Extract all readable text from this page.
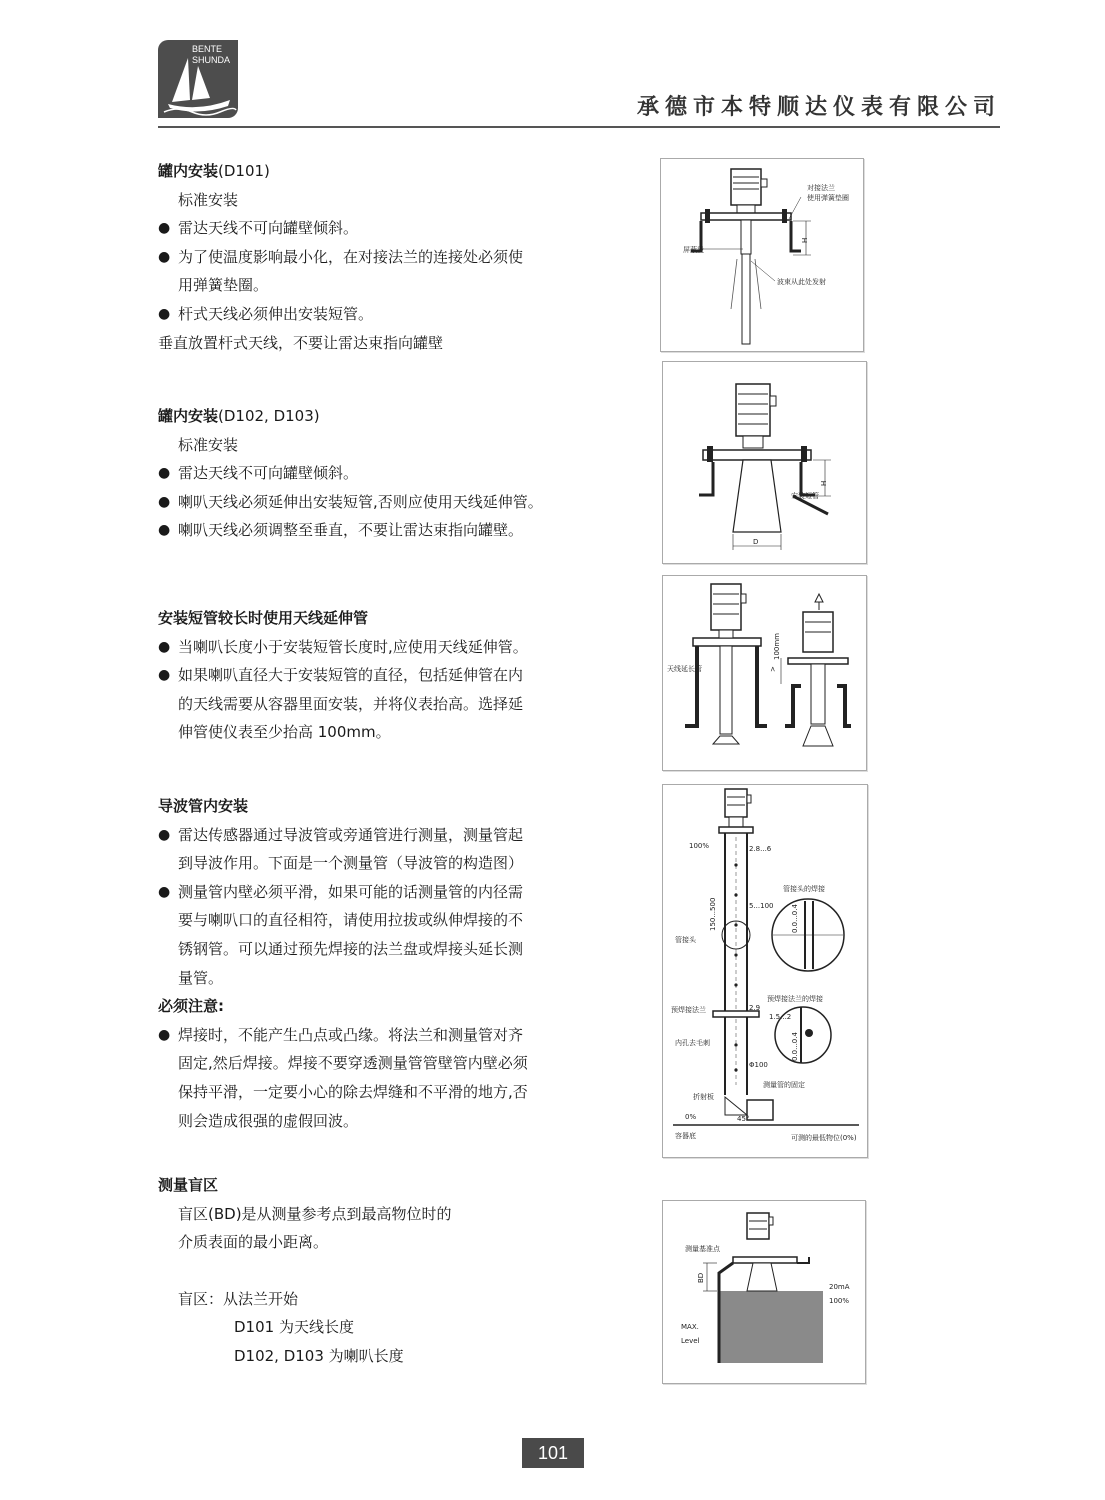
BENTE
SHUNDA
承德市本特顺达仪表有限公司
罐内安装(D101)
标准安装
● 雷达天线不可向罐壁倾斜。
● 为了使温度影响最小化，在对接法兰的连接处必须使
用弹簧垫圈。
● 杆式天线必须伸出安装短管。
垂直放置杆式天线，不要让雷达束指向罐壁
罐内安装(D102, D103)
标准安装
● 雷达天线不可向罐壁倾斜。
● 喇叭天线必须延伸出安装短管,否则应使用天线延伸管。
● 喇叭天线必须调整至垂直，不要让雷达束指向罐壁。
安装短管较长时使用天线延伸管
● 当喇叭长度小于安装短管长度时,应使用天线延伸管。
● 如果喇叭直径大于安装短管的直径，包括延伸管在内
的天线需要从容器里面安装，并将仪表抬高。选择延
伸管使仪表至少抬高 100mm。
导波管内安装
● 雷达传感器通过导波管或旁通管进行测量，测量管起
到导波作用。下面是一个测量管（导波管的构造图）
● 测量管内壁必须平滑，如果可能的话测量管的内径需
要与喇叭口的直径相符，请使用拉拔或纵伸焊接的不
锈钢管。可以通过预先焊接的法兰盘或焊接头延长测
量管。
必须注意:
● 焊接时，不能产生凸点或凸缘。将法兰和测量管对齐
固定,然后焊接。焊接不要穿透测量管管壁管内壁必须
保持平滑，一定要小心的除去焊缝和不平滑的地方,否
则会造成很强的虚假回波。
测量盲区
盲区(BD)是从测量参考点到最高物位时的
介质表面的最小距离。
盲区：从法兰开始
D101 为天线长度
D102, D103 为喇叭长度
H
对接法兰
使用弹簧垫圈
屏蔽段
波束从此处发射
H
安装短管
D
天线延长管
100mm
>
100%	2.8...6
管接头的焊接
5...100
150...500	0.0...0.4
管接头
预焊接法兰的焊接
预焊接法兰	2.9
1.5...2
内孔去毛刺	0.0...0.4
Φ100
测量管的固定
折射板
0%	45°
容器底	可测的最低物位(0%)
BD
测量基准点
20mA
100%
MAX.
Level
101
